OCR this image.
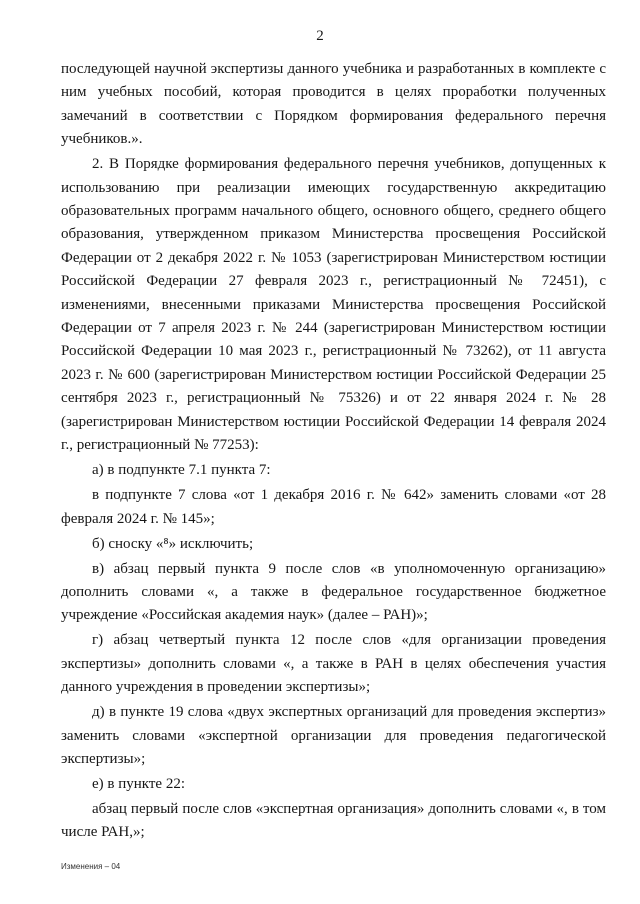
2

последующей научной экспертизы данного учебника и разработанных в комплекте с ним учебных пособий, которая проводится в целях проработки полученных замечаний в соответствии с Порядком формирования федерального перечня учебников.».

2. В Порядке формирования федерального перечня учебников, допущенных к использованию при реализации имеющих государственную аккредитацию образовательных программ начального общего, основного общего, среднего общего образования, утвержденном приказом Министерства просвещения Российской Федерации от 2 декабря 2022 г. № 1053 (зарегистрирован Министерством юстиции Российской Федерации 27 февраля 2023 г., регистрационный № 72451), с изменениями, внесенными приказами Министерства просвещения Российской Федерации от 7 апреля 2023 г. № 244 (зарегистрирован Министерством юстиции Российской Федерации 10 мая 2023 г., регистрационный № 73262), от 11 августа 2023 г. № 600 (зарегистрирован Министерством юстиции Российской Федерации 25 сентября 2023 г., регистрационный № 75326) и от 22 января 2024 г. № 28 (зарегистрирован Министерством юстиции Российской Федерации 14 февраля 2024 г., регистрационный № 77253):

а) в подпункте 7.1 пункта 7:

в подпункте 7 слова «от 1 декабря 2016 г. № 642» заменить словами «от 28 февраля 2024 г. № 145»;

б) сноску «⁸» исключить;

в) абзац первый пункта 9 после слов «в уполномоченную организацию» дополнить словами «, а также в федеральное государственное бюджетное учреждение «Российская академия наук» (далее – РАН)»;

г) абзац четвертый пункта 12 после слов «для организации проведения экспертизы» дополнить словами «, а также в РАН в целях обеспечения участия данного учреждения в проведении экспертизы»;

д) в пункте 19 слова «двух экспертных организаций для проведения экспертиз» заменить словами «экспертной организации для проведения педагогической экспертизы»;

е) в пункте 22:

абзац первый после слов «экспертная организация» дополнить словами «, в том числе РАН,»;

Изменения – 04
